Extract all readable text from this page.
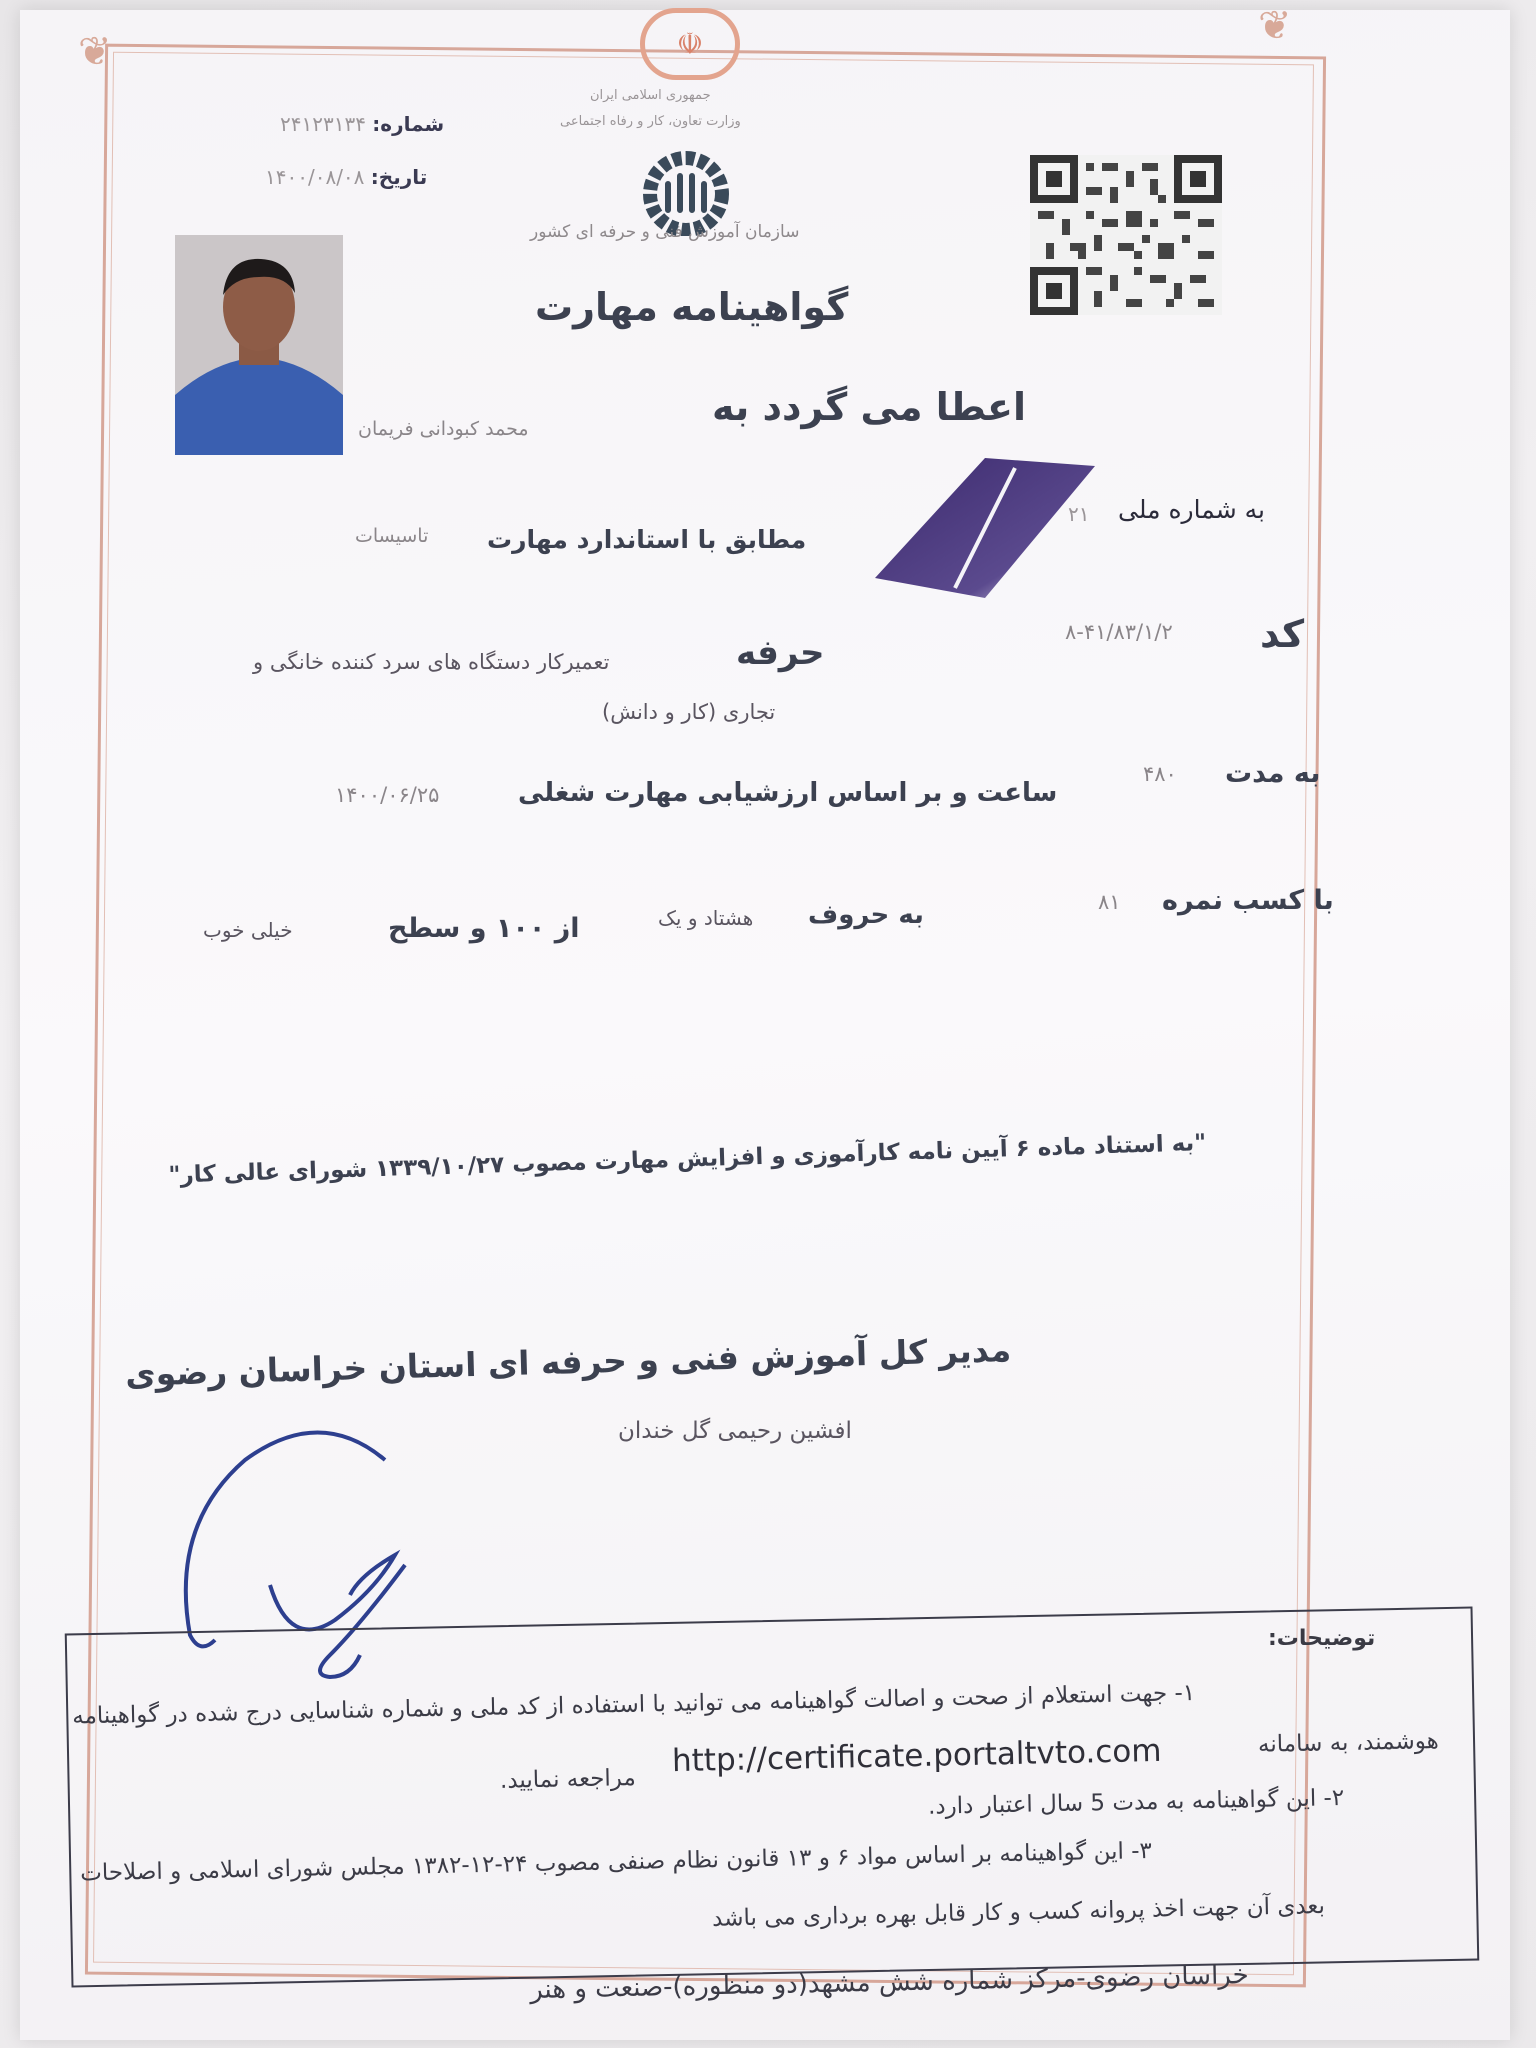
❦
❦
☫
جمهوری اسلامی ایران
وزارت تعاون، کار و رفاه اجتماعی
شماره: ۲۴۱۲۳۱۳۴
تاریخ: ۱۴۰۰/۰۸/۰۸
سازمان آموزش فنی و حرفه ای کشور
گواهینامه مهارت
اعطا می گردد به
محمد کبودانی فریمان
به شماره ملی
۲۱
مطابق با استاندارد مهارت
تاسیسات
کد
۸-۴۱/۸۳/۱/۲
حرفه
تعمیرکار دستگاه های سرد کننده خانگی و
تجاری (کار و دانش)
به مدت
۴۸۰
ساعت و بر اساس ارزشیابی مهارت شغلی
۱۴۰۰/۰۶/۲۵
با کسب نمره
۸۱
به حروف
هشتاد و یک
از ۱۰۰ و سطح
خیلی خوب
"به استناد ماده ۶ آیین نامه کارآموزی و افزایش مهارت مصوب ۱۳۳۹/۱۰/۲۷ شورای عالی کار"
مدیر کل آموزش فنی و حرفه ای استان خراسان رضوی
افشین رحیمی گل خندان
توضیحات:
۱- جهت استعلام از صحت و اصالت گواهینامه می توانید با استفاده از کد ملی و شماره شناسایی درج شده در گواهینامه
هوشمند، به سامانه
http://certificate.portaltvto.com
مراجعه نمایید.
۲- این گواهینامه به مدت 5 سال اعتبار دارد.
۳- این گواهینامه بر اساس مواد ۶ و ۱۳ قانون نظام صنفی مصوب ۲۴-۱۲-۱۳۸۲ مجلس شورای اسلامی و اصلاحات
بعدی آن جهت اخذ پروانه کسب و کار قابل بهره برداری می باشد
خراسان رضوی-مرکز شماره شش مشهد(دو منظوره)-صنعت و هنر
